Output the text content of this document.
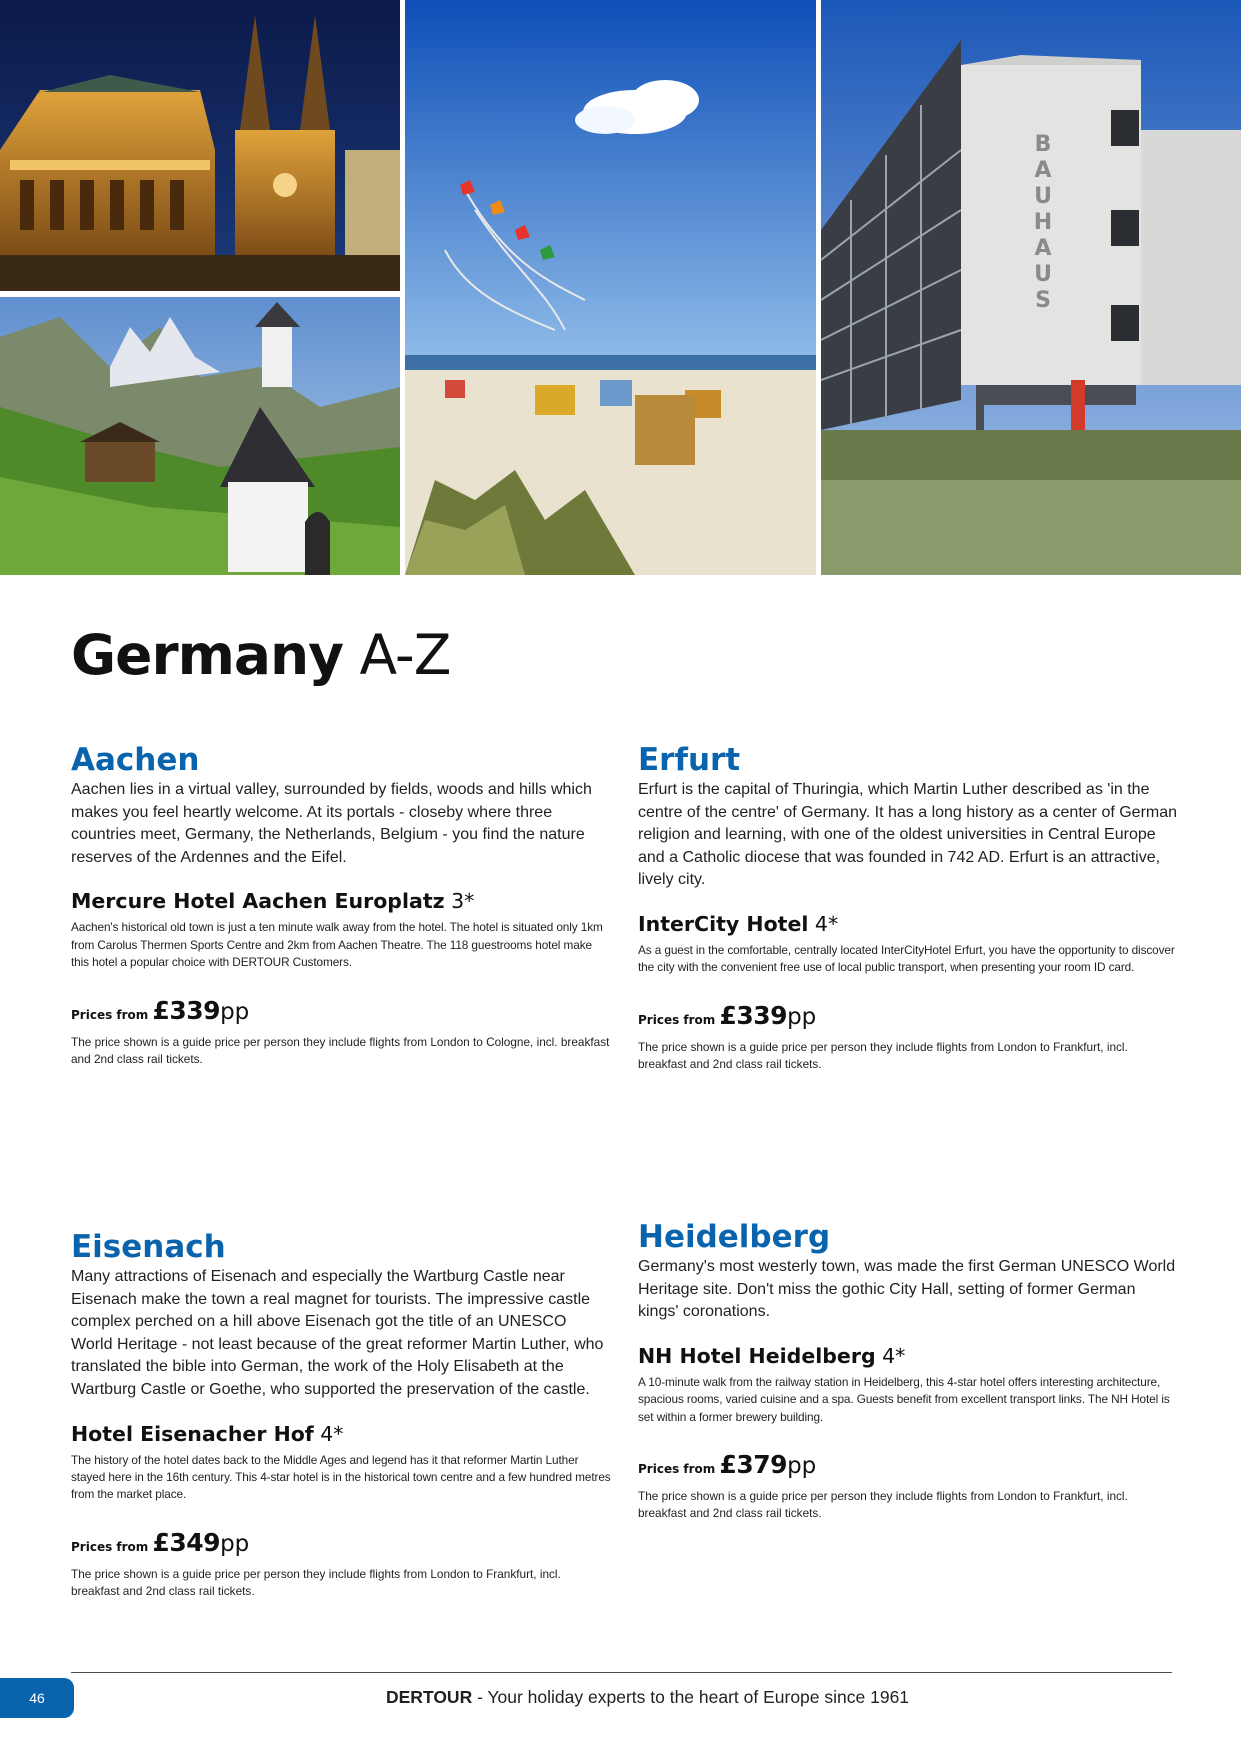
B
A
U
H
A
U
S
Germany A-Z
Aachen

Aachen lies in a virtual valley, surrounded by fields, woods and hills which makes you feel heartly welcome. At its portals - closeby where three countries meet, Germany, the Netherlands, Belgium - you find the nature reserves of the Ardennes and the Eifel.

Mercure Hotel Aachen Europlatz 3*

Aachen's historical old town is just a ten minute walk away from the hotel. The hotel is situated only 1km from Carolus Thermen Sports Centre and 2km from Aachen Theatre. The 118 guestrooms hotel make this hotel a popular choice with DERTOUR Customers.

Prices from £339pp

The price shown is a guide price per person they include flights from London to Cologne, incl. breakfast and 2nd class rail tickets.

Erfurt

Erfurt is the capital of Thuringia, which Martin Luther described as 'in the centre of the centre' of Germany. It has a long history as a center of German religion and learning, with one of the oldest universities in Central Europe and a Catholic diocese that was founded in 742 AD. Erfurt is an attractive, lively city.

InterCity Hotel 4*

As a guest in the comfortable, centrally located InterCityHotel Erfurt, you have the opportunity to discover the city with the convenient free use of local public transport, when presenting your room ID card.

Prices from £339pp

The price shown is a guide price per person they include flights from London to Frankfurt, incl. breakfast and 2nd class rail tickets.

Eisenach

Many attractions of Eisenach and especially the Wartburg Castle near Eisenach make the town a real magnet for tourists. The impressive castle complex perched on a hill above Eisenach got the title of an UNESCO World Heritage - not least because of the great reformer Martin Luther, who translated the bible into German, the work of the Holy Elisabeth at the Wartburg Castle or Goethe, who supported the preservation of the castle.

Hotel Eisenacher Hof 4*

The history of the hotel dates back to the Middle Ages and legend has it that reformer Martin Luther stayed here in the 16th century. This 4-star hotel is in the historical town centre and a few hundred metres from the market place.

Prices from £349pp

The price shown is a guide price per person they include flights from London to Frankfurt, incl. breakfast and 2nd class rail tickets.

Heidelberg

Germany's most westerly town, was made the first German UNESCO World Heritage site. Don't miss the gothic City Hall, setting of former German kings' coronations.

NH Hotel Heidelberg 4*

A 10-minute walk from the railway station in Heidelberg, this 4-star hotel offers interesting architecture, spacious rooms, varied cuisine and a spa. Guests benefit from excellent transport links. The NH Hotel is set within a former brewery building.

Prices from £379pp

The price shown is a guide price per person they include flights from London to Frankfurt, incl. breakfast and 2nd class rail tickets.

46	DERTOUR - Your holiday experts to the heart of Europe since 1961
